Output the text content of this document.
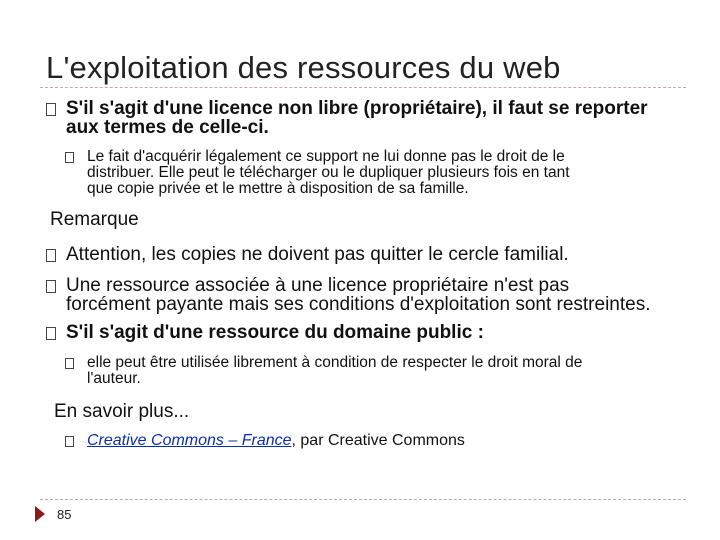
L'exploitation des ressources du web
S'il s'agit d'une licence non libre (propriétaire), il faut se reporter
aux termes de celle-ci.
Le fait d'acquérir légalement ce support ne lui donne pas le droit de le
distribuer. Elle peut le télécharger ou le dupliquer plusieurs fois en tant
que copie privée et le mettre à disposition de sa famille.
Remarque
Attention, les copies ne doivent pas quitter le cercle familial.
Une ressource associée à une licence propriétaire n'est pas
forcément payante mais ses conditions d'exploitation sont restreintes.
S'il s'agit d'une ressource du domaine public :
elle peut être utilisée librement à condition de respecter le droit moral de
l'auteur.
En savoir plus...
Creative Commons – France, par Creative Commons
85
